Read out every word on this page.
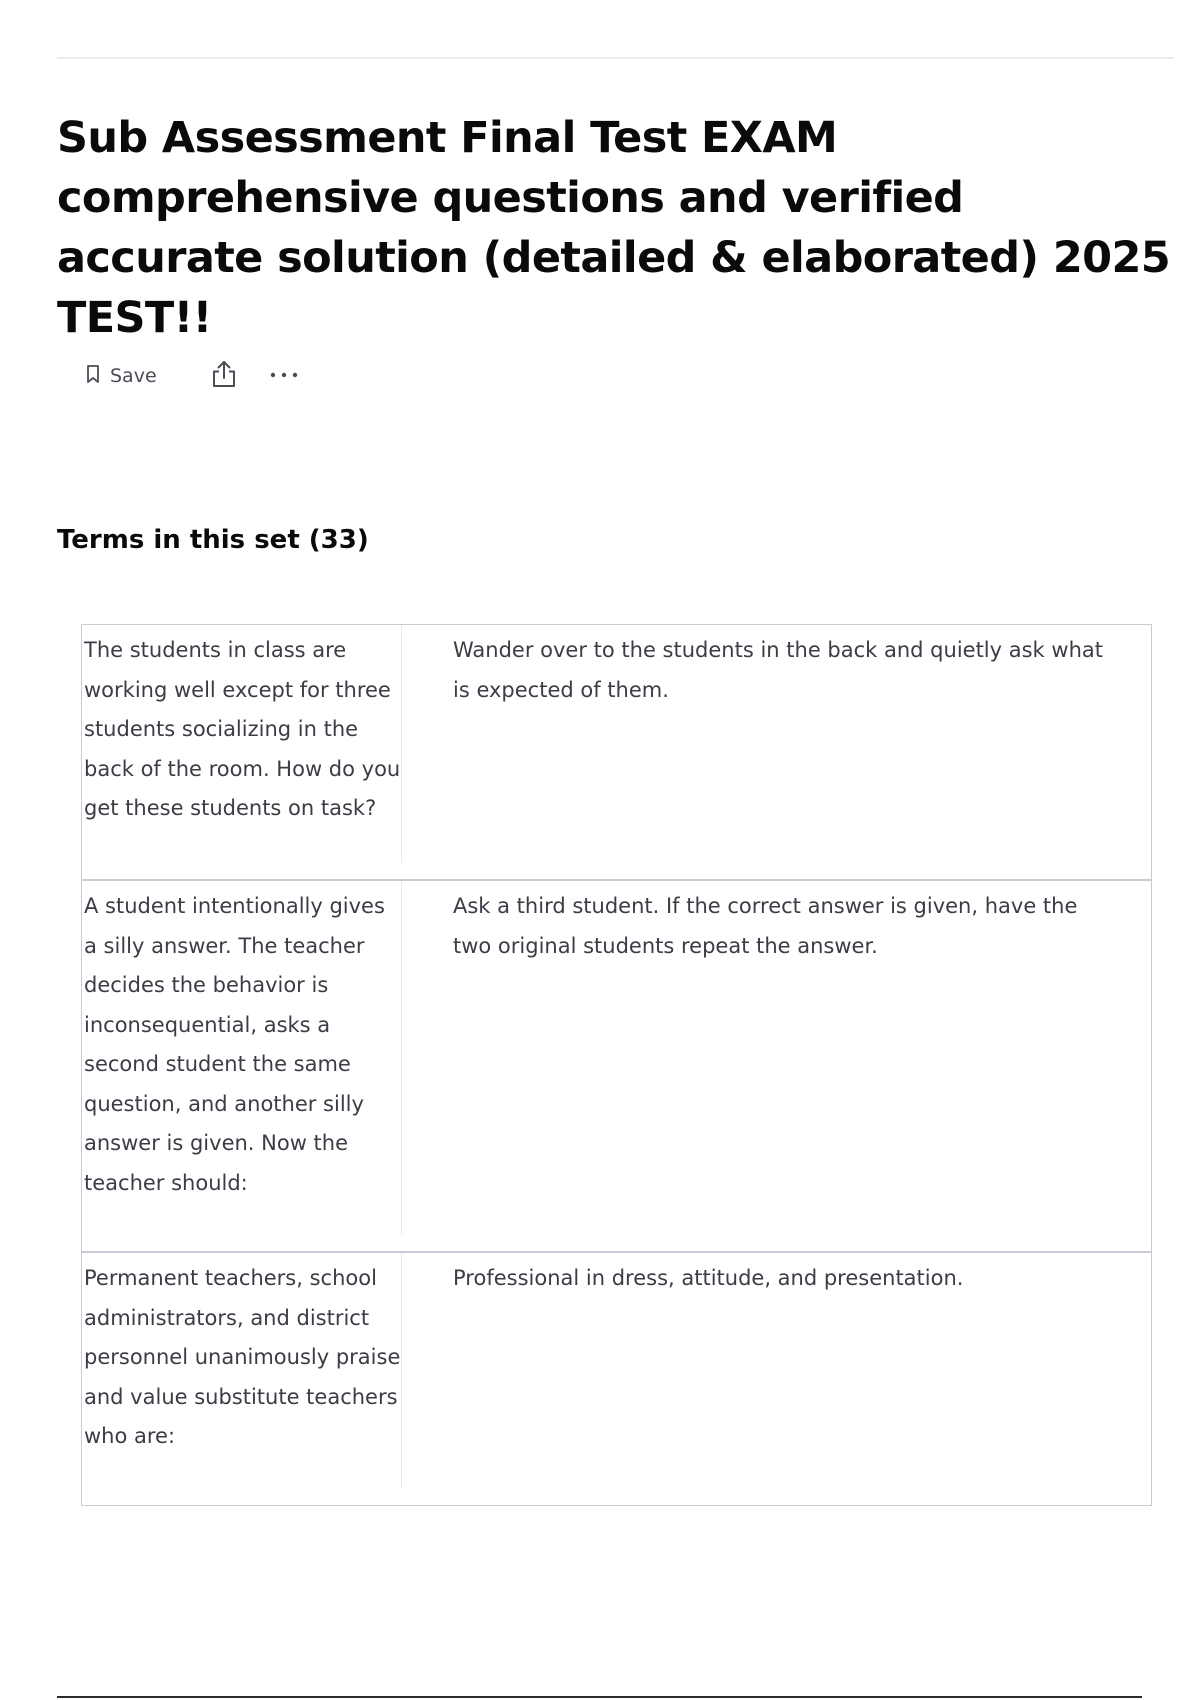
Sub Assessment Final Test EXAM comprehensive questions and verified accurate solution (detailed & elaborated) 2025 TEST!!
Save
Terms in this set (33)
The students in class are working well except for three students socializing in the back of the room. How do you get these students on task?
Wander over to the students in the back and quietly ask what is expected of them.
A student intentionally gives a silly answer. The teacher decides the behavior is inconsequential, asks a second student the same question, and another silly answer is given. Now the teacher should:
Ask a third student. If the correct answer is given, have the two original students repeat the answer.
Permanent teachers, school administrators, and district personnel unanimously praise and value substitute teachers who are:
Professional in dress, attitude, and presentation.
